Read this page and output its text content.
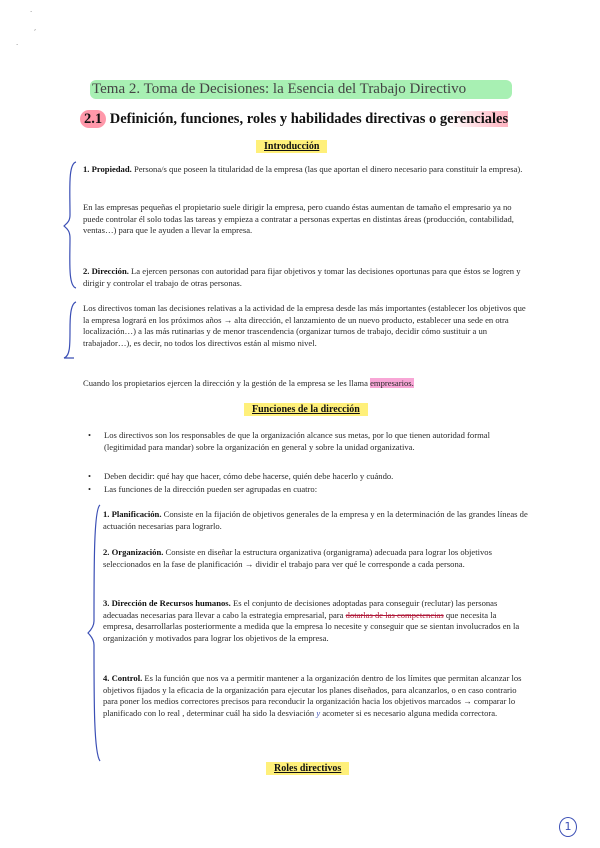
·
,
·
Tema 2. Toma de Decisiones: la Esencia del Trabajo Directivo
2.1 Definición, funciones, roles y habilidades directivas o gerenciales
Introducción

1. Propiedad. Persona/s que poseen la titularidad de la empresa (las que aportan el dinero necesario para constituir la empresa).

En las empresas pequeñas el propietario suele dirigir la empresa, pero cuando éstas aumentan de tamaño el empresario ya no puede controlar él solo todas las tareas y empieza a contratar a personas expertas en distintas áreas (producción, contabilidad, ventas…) para que le ayuden a llevar la empresa.

2. Dirección. La ejercen personas con autoridad para fijar objetivos y tomar las decisiones oportunas para que éstos se logren y dirigir y controlar el trabajo de otras personas.

Los directivos toman las decisiones relativas a la actividad de la empresa desde las más importantes (establecer los objetivos que la empresa logrará en los próximos años → alta dirección, el lanzamiento de un nuevo producto, establecer una sede en otra localización…) a las más rutinarias y de menor trascendencia (organizar turnos de trabajo, decidir cómo sustituir a un trabajador…), es decir, no todos los directivos están al mismo nivel.

Cuando los propietarios ejercen la dirección y la gestión de la empresa se les llama empresarios.

Funciones de la dirección
• Los directivos son los responsables de que la organización alcance sus metas, por lo que tienen autoridad formal (legitimidad para mandar) sobre la organización en general y sobre la unidad organizativa.
• Deben decidir: qué hay que hacer, cómo debe hacerse, quién debe hacerlo y cuándo.
• Las funciones de la dirección pueden ser agrupadas en cuatro:

1. Planificación. Consiste en la fijación de objetivos generales de la empresa y en la determinación de las grandes líneas de actuación necesarias para lograrlo.

2. Organización. Consiste en diseñar la estructura organizativa (organigrama) adecuada para lograr los objetivos seleccionados en la fase de planificación → dividir el trabajo para ver qué le corresponde a cada persona.

3. Dirección de Recursos humanos. Es el conjunto de decisiones adoptadas para conseguir (reclutar) las personas adecuadas necesarias para llevar a cabo la estrategia empresarial, para dotarlas de las competencias que necesita la empresa, desarrollarlas posteriormente a medida que la empresa lo necesite y conseguir que se sientan involucrados en la organización y motivados para lograr los objetivos de la empresa.

4. Control. Es la función que nos va a permitir mantener a la organización dentro de los límites que permitan alcanzar los objetivos fijados y la eficacia de la organización para ejecutar los planes diseñados, para alcanzarlos, o en caso contrario para poner los medios correctores precisos para reconducir la organización hacia los objetivos marcados → comparar lo planificado con lo real , determinar cuál ha sido la desviación y acometer si es necesario alguna medida correctora.

Roles directivos
1
